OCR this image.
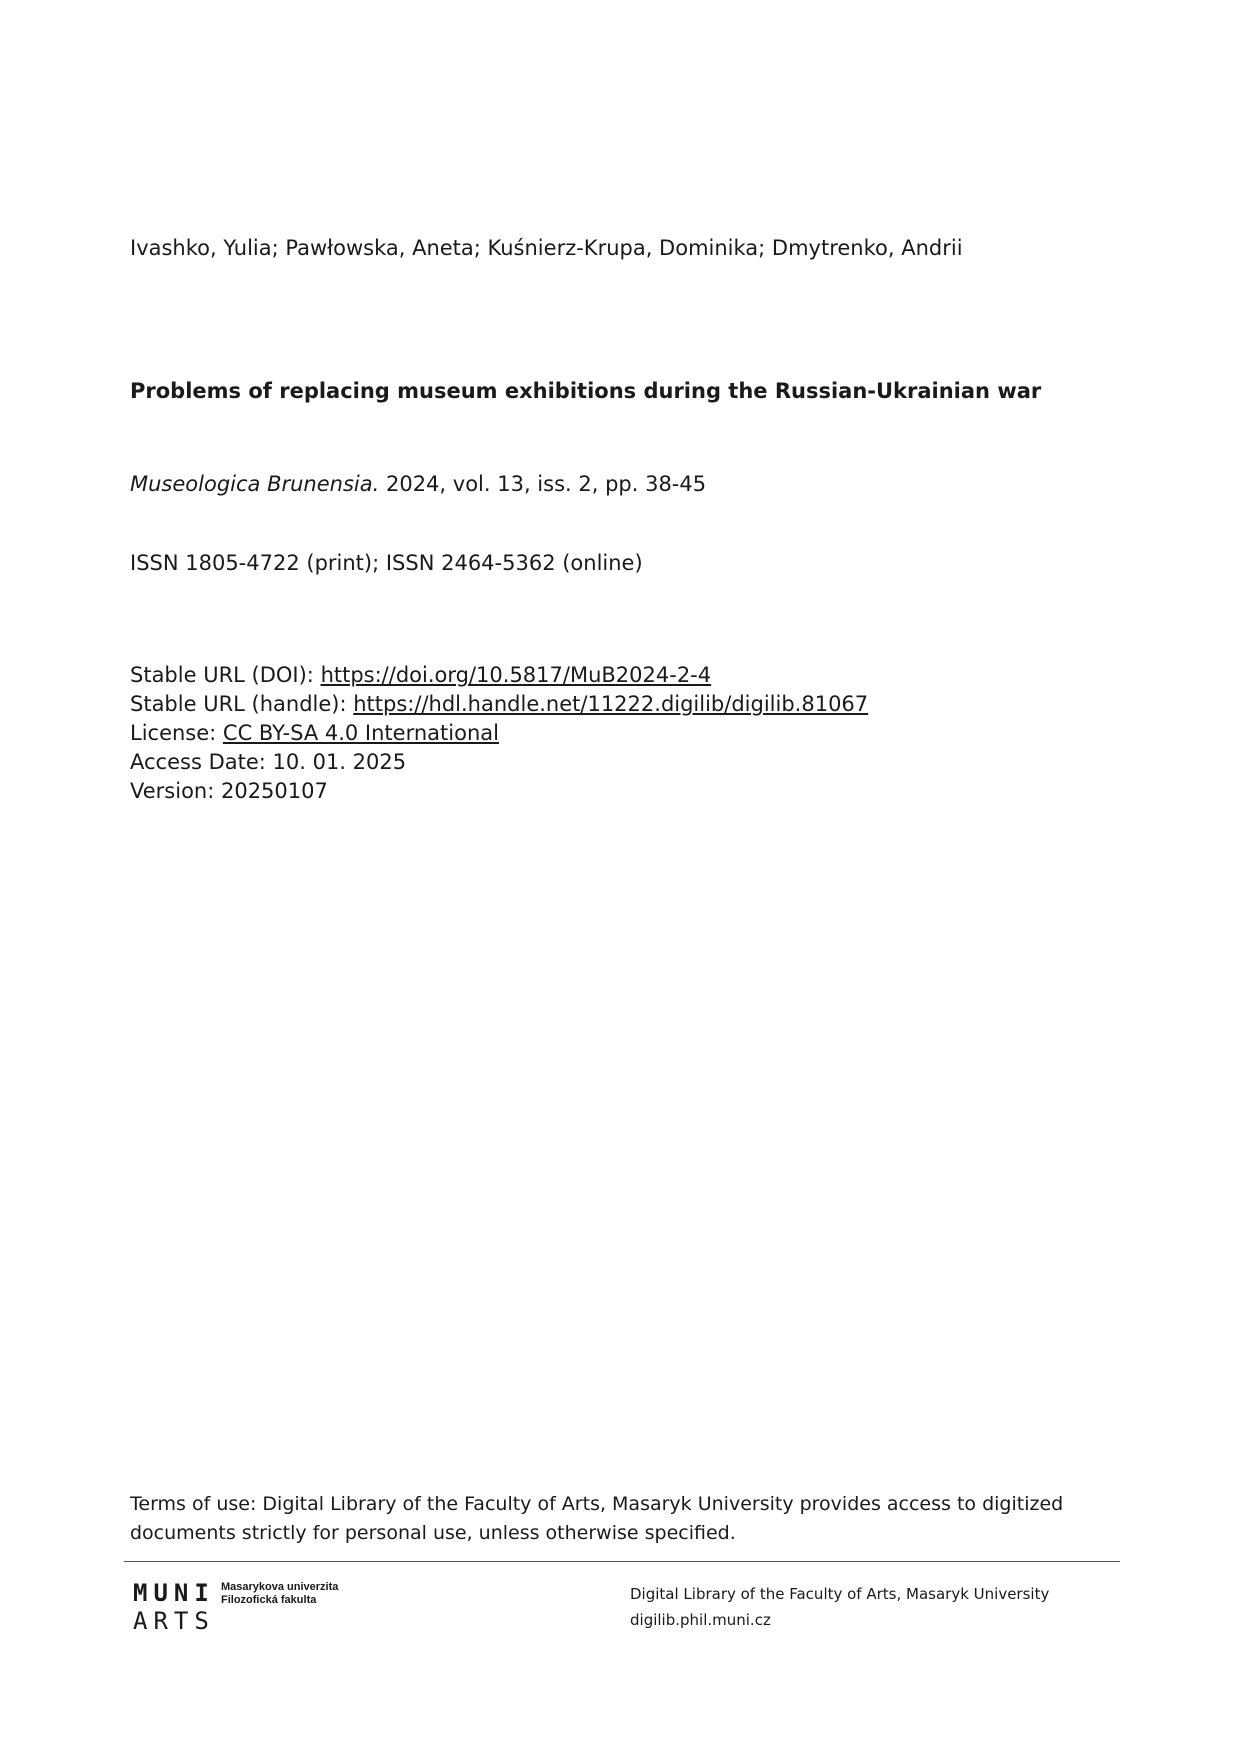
Ivashko, Yulia; Pawłowska, Aneta; Kuśnierz-Krupa, Dominika; Dmytrenko, Andrii
Problems of replacing museum exhibitions during the Russian-Ukrainian war
Museologica Brunensia. 2024, vol. 13, iss. 2, pp. 38-45
ISSN 1805-4722 (print); ISSN 2464-5362 (online)
Stable URL (DOI): https://doi.org/10.5817/MuB2024-2-4
Stable URL (handle): https://hdl.handle.net/11222.digilib/digilib.81067
License: CC BY-SA 4.0 International
Access Date: 10. 01. 2025
Version: 20250107
Terms of use: Digital Library of the Faculty of Arts, Masaryk University provides access to digitized documents strictly for personal use, unless otherwise specified.
MUNI
ARTS
Masarykova univerzita
Filozofická fakulta	Digital Library of the Faculty of Arts, Masaryk University
digilib.phil.muni.cz
